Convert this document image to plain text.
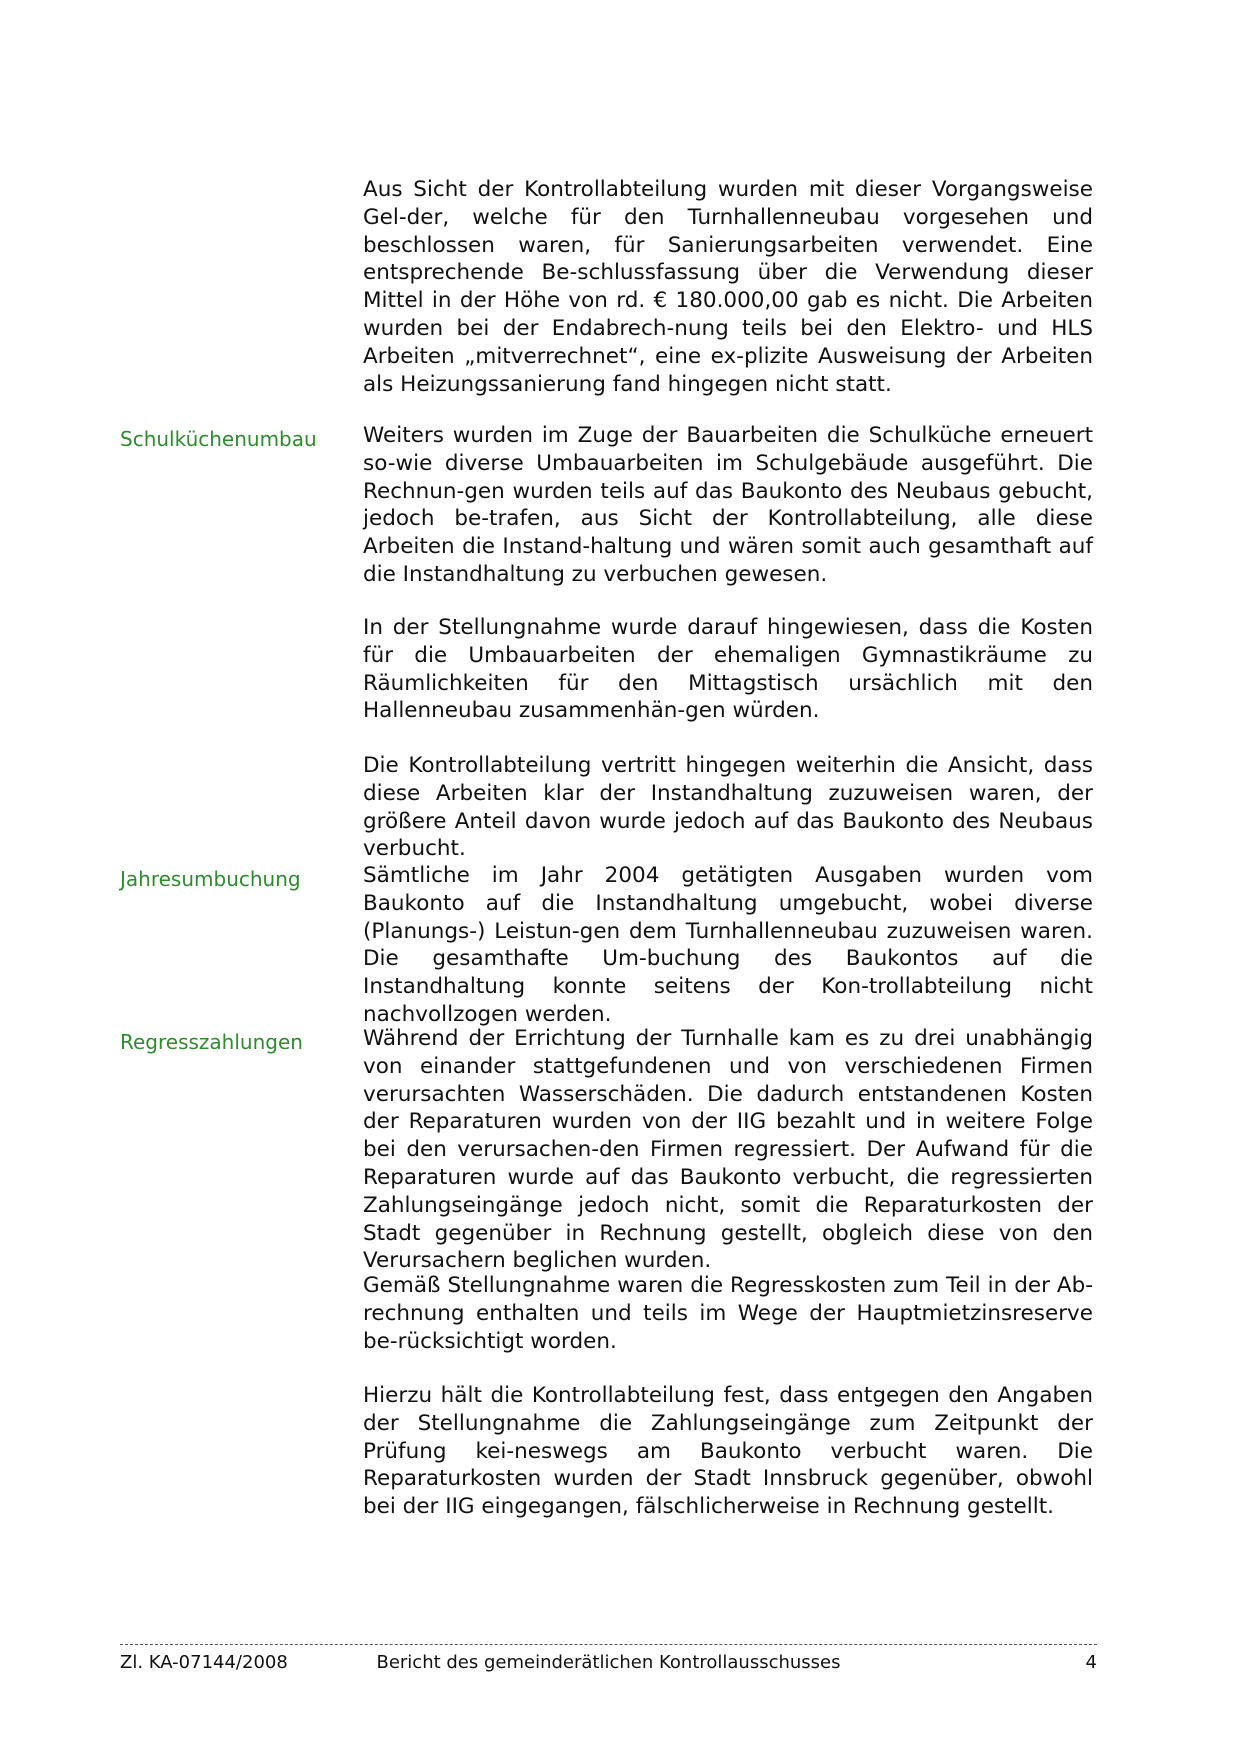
Aus Sicht der Kontrollabteilung wurden mit dieser Vorgangsweise Gel-der, welche für den Turnhallenneubau vorgesehen und beschlossen waren, für Sanierungsarbeiten verwendet. Eine entsprechende Be-schlussfassung über die Verwendung dieser Mittel in der Höhe von rd. € 180.000,00 gab es nicht. Die Arbeiten wurden bei der Endabrech-nung teils bei den Elektro- und HLS Arbeiten „mitverrechnet“, eine ex-plizite Ausweisung der Arbeiten als Heizungssanierung fand hingegen nicht statt.

Schulküchenumbau	Weiters wurden im Zuge der Bauarbeiten die Schulküche erneuert so-wie diverse Umbauarbeiten im Schulgebäude ausgeführt. Die Rechnun-gen wurden teils auf das Baukonto des Neubaus gebucht, jedoch be-trafen, aus Sicht der Kontrollabteilung, alle diese Arbeiten die Instand-haltung und wären somit auch gesamthaft auf die Instandhaltung zu verbuchen gewesen.

In der Stellungnahme wurde darauf hingewiesen, dass die Kosten für die Umbauarbeiten der ehemaligen Gymnastikräume zu Räumlichkeiten für den Mittagstisch ursächlich mit den Hallenneubau zusammenhän-gen würden.

Die Kontrollabteilung vertritt hingegen weiterhin die Ansicht, dass diese Arbeiten klar der Instandhaltung zuzuweisen waren, der größere Anteil davon wurde jedoch auf das Baukonto des Neubaus verbucht.

Jahresumbuchung	Sämtliche im Jahr 2004 getätigten Ausgaben wurden vom Baukonto auf die Instandhaltung umgebucht, wobei diverse (Planungs-) Leistun-gen dem Turnhallenneubau zuzuweisen waren. Die gesamthafte Um-buchung des Baukontos auf die Instandhaltung konnte seitens der Kon-trollabteilung nicht nachvollzogen werden.

Regresszahlungen	Während der Errichtung der Turnhalle kam es zu drei unabhängig von einander stattgefundenen und von verschiedenen Firmen verursachten Wasserschäden. Die dadurch entstandenen Kosten der Reparaturen wurden von der IIG bezahlt und in weitere Folge bei den verursachen-den Firmen regressiert. Der Aufwand für die Reparaturen wurde auf das Baukonto verbucht, die regressierten Zahlungseingänge jedoch nicht, somit die Reparaturkosten der Stadt gegenüber in Rechnung gestellt, obgleich diese von den Verursachern beglichen wurden.

Gemäß Stellungnahme waren die Regresskosten zum Teil in der Ab-rechnung enthalten und teils im Wege der Hauptmietzinsreserve be-rücksichtigt worden.

Hierzu hält die Kontrollabteilung fest, dass entgegen den Angaben der Stellungnahme die Zahlungseingänge zum Zeitpunkt der Prüfung kei-neswegs am Baukonto verbucht waren. Die Reparaturkosten wurden der Stadt Innsbruck gegenüber, obwohl bei der IIG eingegangen, fälschlicherweise in Rechnung gestellt.

Bericht des gemeinderätlichen Kontrollausschusses
Zl. KA-07144/2008	4
